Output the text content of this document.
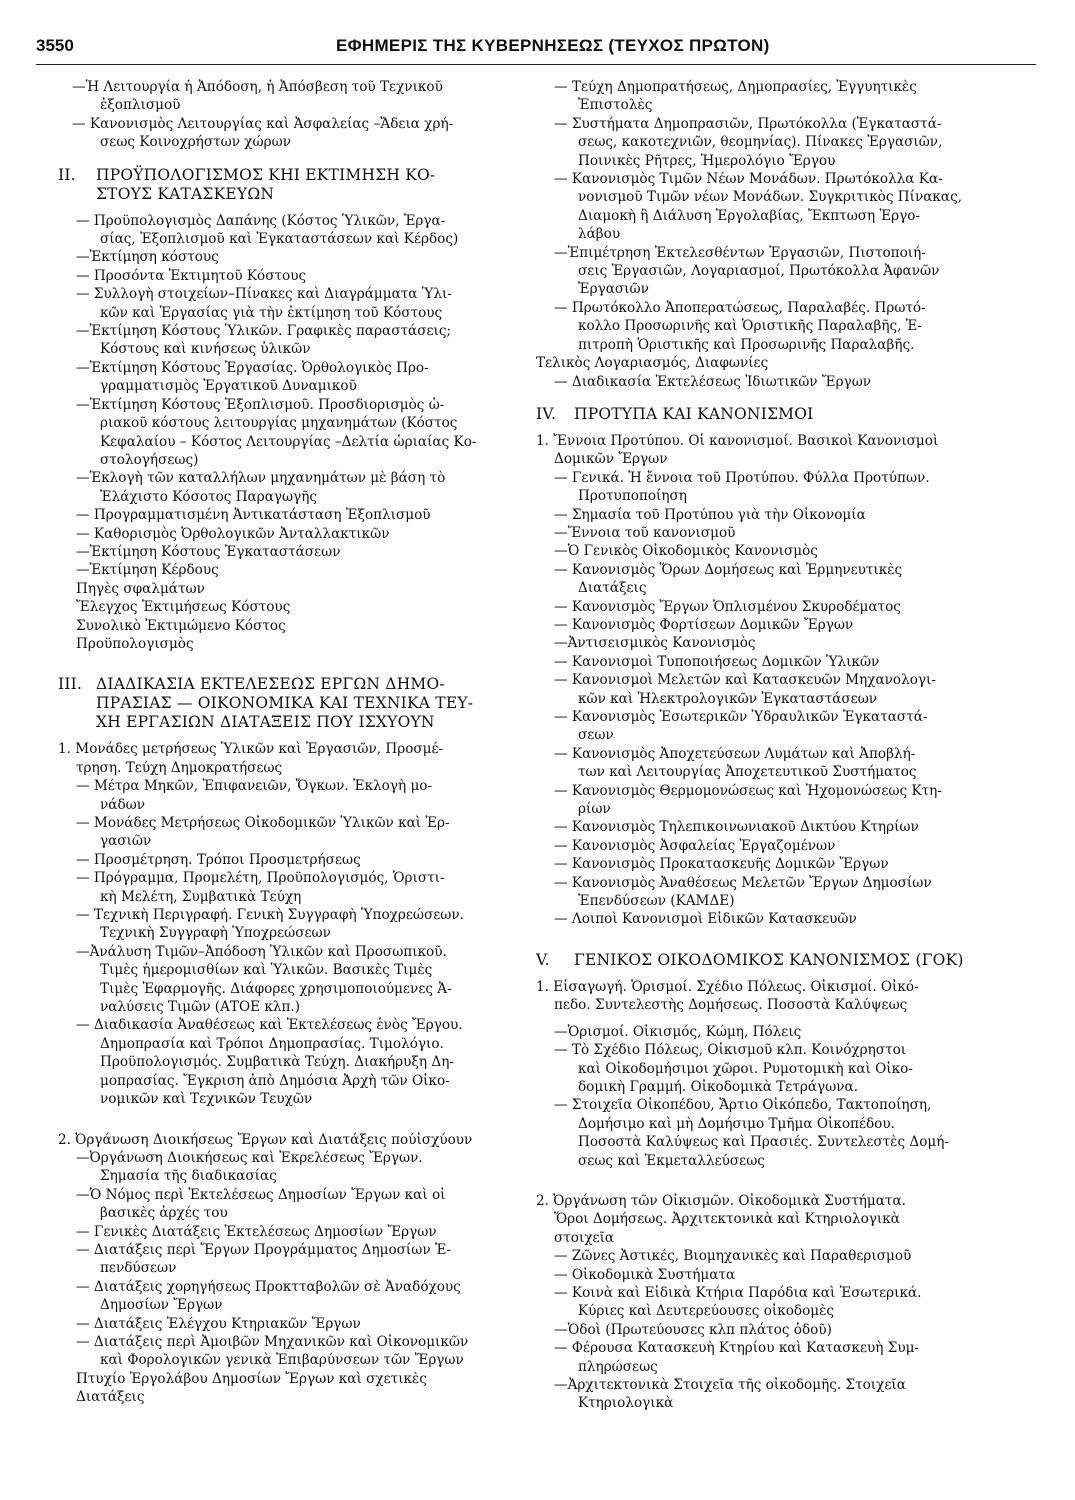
3550	ΕΦΗΜΕΡΙΣ ΤΗΣ ΚΥΒΕΡΝΗΣΕΩΣ (ΤΕΥΧΟΣ ΠΡΩΤΟΝ)
—Ἡ Λειτουργία ἡ Ἀπόδοση, ἡ Ἀπόσβεση τοῦ Τεχνικοῦ
ἐξοπλισμοῦ
— Κανονισμὸς Λειτουργίας καὶ Ἀσφαλείας –Ἄδεια χρή-
σεως Κοινοχρήστων χώρων
ΙΙ.ΠΡΟΫΠΟΛΟΓΙΣΜΟΣ ΚΗΙ ΕΚΤΙΜΗΣΗ ΚΟ-
ΣΤΟΥΣ ΚΑΤΑΣΚΕΥΩΝ
— Προϋπολογισμὸς Δαπάνης (Κόστος Ὑλικῶν, Ἐργα-
σίας, Ἐξοπλισμοῦ καὶ Ἐγκαταστάσεων καὶ Κέρδος)
—Ἐκτίμηση κόστους
— Προσόντα Ἐκτιμητοῦ Κόστους
— Συλλογὴ στοιχείων–Πίνακες καὶ Διαγράμματα Ὑλι-
κῶν καὶ Ἐργασίας γιὰ τὴν ἐκτίμηση τοῦ Κόστους
—Ἐκτίμηση Κόστους Ὑλικῶν. Γραφικὲς παραστάσεις;
Κόστους καὶ κινήσεως ὑλικῶν
—Ἐκτίμηση Κόστους Ἐργασίας. Ὀρθολογικὸς Προ-
γραμματισμὸς Ἐργατικοῦ Δυναμικοῦ
—Ἐκτίμηση Κόστους Ἐξοπλισμοῦ. Προσδιορισμὸς ὡ-
ριακοῦ κόστους λειτουργίας μηχανημάτων (Κόστος
Κεφαλαίου – Κόστος Λειτουργίας –Δελτία ὡριαίας Κο-
στολογήσεως)
—Ἐκλογὴ τῶν καταλλήλων μηχανημάτων μὲ βάση τὸ
Ἐλάχιστο Κόσοτος Παραγωγῆς
— Προγραμματισμένη Ἀντικατάσταση Ἐξοπλισμοῦ
— Καθορισμὸς Ὀρθολογικῶν Ἀνταλλακτικῶν
—Ἐκτίμηση Κόστους Ἐγκαταστάσεων
—Ἐκτίμηση Κέρδους
Πηγὲς σφαλμάτων
Ἔλεγχος Ἐκτιμήσεως Κόστους
Συνολικὸ Ἐκτιμώμενο Κόστος
Προϋπολογισμὸς
ΙΙΙ.ΔΙΑΔΙΚΑΣΙΑ ΕΚΤΕΛΕΣΕΩΣ ΕΡΓΩΝ ΔΗΜΟ-
ΠΡΑΣΙΑΣ — ΟΙΚΟΝΟΜΙΚΑ ΚΑΙ ΤΕΧΝΙΚΑ ΤΕΥ-
ΧΗ ΕΡΓΑΣΙΩΝ ΔΙΑΤΑΞΕΙΣ ΠΟΥ ΙΣΧΥΟΥΝ
1. Μονάδες μετρήσεως Ὑλικῶν καὶ Ἐργασιῶν, Προσμέ-
τρηση. Τεύχη Δημοκρατήσεως
— Μέτρα Μηκῶν, Ἐπιφανειῶν, Ὄγκων. Ἐκλογὴ μο-
νάδων
— Μονάδες Μετρήσεως Οἰκοδομικῶν Ὑλικῶν καὶ Ἐρ-
γασιῶν
— Προσμέτρηση. Τρόποι Προσμετρήσεως
— Πρόγραμμα, Προμελέτη, Προϋπολογισμός, Ὁριστι-
κὴ Μελέτη, Συμβατικὰ Τεύχη
— Τεχνικὴ Περιγραφή. Γενικὴ Συγγραφὴ Ὑποχρεώσεων.
Τεχνικὴ Συγγραφὴ Ὑποχρεώσεων
—Ἀνάλυση Τιμῶν–Ἀπόδοση Ὑλικῶν καὶ Προσωπικοῦ.
Τιμὲς ἡμερομισθίων καὶ Ὑλικῶν. Βασικὲς Τιμὲς
Τιμὲς Ἐφαρμογῆς. Διάφορες χρησιμοποιούμενες Ἀ-
ναλύσεις Τιμῶν (ΑΤΟΕ κλπ.)
— Διαδικασία Ἀναθέσεως καὶ Ἐκτελέσεως ἑνὸς Ἔργου.
Δημοπρασία καὶ Τρόποι Δημοπρασίας. Τιμολόγιο.
Προϋπολογισμός. Συμβατικὰ Τεύχη. Διακήρυξη Δη-
μοπρασίας. Ἔγκριση ἀπὸ Δημόσια Ἀρχὴ τῶν Οἰκο-
νομικῶν καὶ Τεχνικῶν Τευχῶν
2. Ὀργάνωση Διοικήσεως Ἔργων καὶ Διατάξεις πούἰσχύουν
—Ὀργάνωση Διοικήσεως καὶ Ἐκρελέσεως Ἔργων.
Σημασία τῆς διαδικασίας
—Ὁ Νόμος περὶ Ἐκτελέσεως Δημοσίων Ἔργων καὶ οἱ
βασικὲς ἀρχές του
— Γενικὲς Διατάξεις Ἐκτελέσεως Δημοσίων Ἔργων
— Διατάξεις περὶ Ἔργων Προγράμματος Δημοσίων Ἐ-
πενδύσεων
— Διατάξεις χορηγήσεως Προκτταβολῶν σὲ Ἀναδόχους
Δημοσίων Ἔργων
— Διατάξεις Ἐλέγχου Κτηριακῶν Ἔργων
— Διατάξεις περὶ Ἀμοιβῶν Μηχανικῶν καὶ Οἰκονομικῶν
καὶ Φορολογικῶν γενικὰ Ἐπιβαρύνσεων τῶν Ἔργων
Πτυχίο Ἐργολάβου Δημοσίων Ἔργων καὶ σχετικὲς
Διατάξεις
— Τεύχη Δημοπρατήσεως, Δημοπρασίες, Ἐγγυητικὲς
Ἐπιστολὲς
— Συστήματα Δημοπρασιῶν, Πρωτόκολλα (Ἐγκαταστά-
σεως, κακοτεχνιῶν, θεομηνίας). Πίνακες Ἐργασιῶν,
Ποινικὲς Ρῆτρες, Ἡμερολόγιο Ἔργου
— Κανονισμὸς Τιμῶν Νέων Μονάδων. Πρωτόκολλα Κα-
νονισμοῦ Τιμῶν νέων Μονάδων. Συγκριτικὸς Πίνακας,
Διαμοκὴ ἢ Διάλυση Ἐργολαβίας, Ἔκπτωση Ἐργο-
λάβου
—Ἐπιμέτρηση Ἐκτελεσθέντων Ἐργασιῶν, Πιστοποιή-
σεις Ἐργασιῶν, Λογαριασμοί, Πρωτόκολλα Ἀφανῶν
Ἐργασιῶν
— Πρωτόκολλο Ἀποπερατώσεως, Παραλαβές. Πρωτό-
κολλο Προσωρινῆς καὶ Ὁριστικῆς Παραλαβῆς, Ἐ-
πιτροπὴ Ὁριστικῆς καὶ Προσωρινῆς Παραλαβῆς.
Τελικὸς Λογαριασμός, Διαφωνίες
— Διαδικασία Ἐκτελέσεως Ἰδιωτικῶν Ἔργων
IV.ΠΡΟΤΥΠΑ ΚΑΙ ΚΑΝΟΝΙΣΜΟΙ
1. Ἔννοια Προτύπου. Οἱ κανονισμοί. Βασικοὶ Κανονισμοὶ
Δομικῶν Ἔργων
— Γενικά. Ἡ ἔννοια τοῦ Προτύπου. Φύλλα Προτύπων.
Προτυποποίηση
— Σημασία τοῦ Προτύπου γιὰ τὴν Οἰκονομία
—Ἔννοια τοῦ κανονισμοῦ
—Ὁ Γενικὸς Οἰκοδομικὸς Κανονισμὸς
— Κανονισμὸς Ὅρων Δομήσεως καὶ Ἑρμηνευτικὲς
Διατάξεις
— Κανονισμὸς Ἔργων Ὁπλισμένου Σκυροδέματος
— Κανονισμὸς Φορτίσεων Δομικῶν Ἔργων
—Ἀντισεισμικὸς Κανονισμὸς
— Κανονισμοὶ Τυποποιήσεως Δομικῶν Ὑλικῶν
— Κανονισμοὶ Μελετῶν καὶ Κατασκευῶν Μηχανολογι-
κῶν καὶ Ἠλεκτρολογικῶν Ἐγκαταστάσεων
— Κανονισμὸς Ἐσωτερικῶν Ὑδραυλικῶν Ἐγκαταστά-
σεων
— Κανονισμὸς Ἀποχετεύσεων Λυμάτων καὶ Ἀποβλή-
των καὶ Λειτουργίας Ἀποχετευτικοῦ Συστήματος
— Κανονισμὸς Θερμομονώσεως καὶ Ἠχομονώσεως Κτη-
ρίων
— Κανονισμὸς Τηλεπικοινωνιακοῦ Δικτύου Κτηρίων
— Κανονισμὸς Ἀσφαλείας Ἐργαζομένων
— Κανονισμὸς Προκατασκευῆς Δομικῶν Ἔργων
— Κανονισμὸς Ἀναθέσεως Μελετῶν Ἔργων Δημοσίων
Ἐπενδύσεων (ΚΑΜΔΕ)
— Λοιποὶ Κανονισμοὶ Εἰδικῶν Κατασκευῶν
V.ΓΕΝΙΚΟΣ ΟΙΚΟΔΟΜΙΚΟΣ ΚΑΝΟΝΙΣΜΟΣ (ΓΟΚ)
1. Εἰσαγωγή. Ὁρισμοί. Σχέδιο Πόλεως. Οἰκισμοί. Οἰκό-
πεδο. Συντελεστὴς Δομήσεως. Ποσοστὰ Καλύψεως
—Ὁρισμοί. Οἰκισμός, Κώμη, Πόλεις
— Τὸ Σχέδιο Πόλεως, Οἰκισμοῦ κλπ. Κοινόχρηστοι
καὶ Οἰκοδομήσιμοι χῶροι. Ρυμοτομικὴ καὶ Οἰκο-
δομικὴ Γραμμή. Οἰκοδομικὰ Τετράγωνα.
— Στοιχεῖα Οἰκοπέδου, Ἄρτιο Οἰκόπεδο, Τακτοποίηση,
Δομήσιμο καὶ μὴ Δομήσιμο Τμῆμα Οἰκοπέδου.
Ποσοστὰ Καλύψεως καὶ Πρασιές. Συντελεστὲς Δομή-
σεως καὶ Ἐκμεταλλεύσεως
2. Ὀργάνωση τῶν Οἰκισμῶν. Οἰκοδομικὰ Συστήματα.
Ὅροι Δομήσεως. Ἀρχιτεκτονικὰ καὶ Κτηριολογικὰ
στοιχεῖα
— Ζῶνες Ἀστικές, Βιομηχανικὲς καὶ Παραθερισμοῦ
— Οἰκοδομικὰ Συστήματα
— Κοινὰ καὶ Εἰδικὰ Κτήρια Παρόδια καὶ Ἐσωτερικά.
Κύριες καὶ Δευτερεύουσες οἰκοδομὲς
—Ὁδοὶ (Πρωτεύουσες κλπ πλάτος ὁδοῦ)
— Φέρουσα Κατασκευὴ Κτηρίου καὶ Κατασκευὴ Συμ-
πληρώσεως
—Ἀρχιτεκτονικὰ Στοιχεῖα τῆς οἰκοδομῆς. Στοιχεῖα
Κτηριολογικὰ
